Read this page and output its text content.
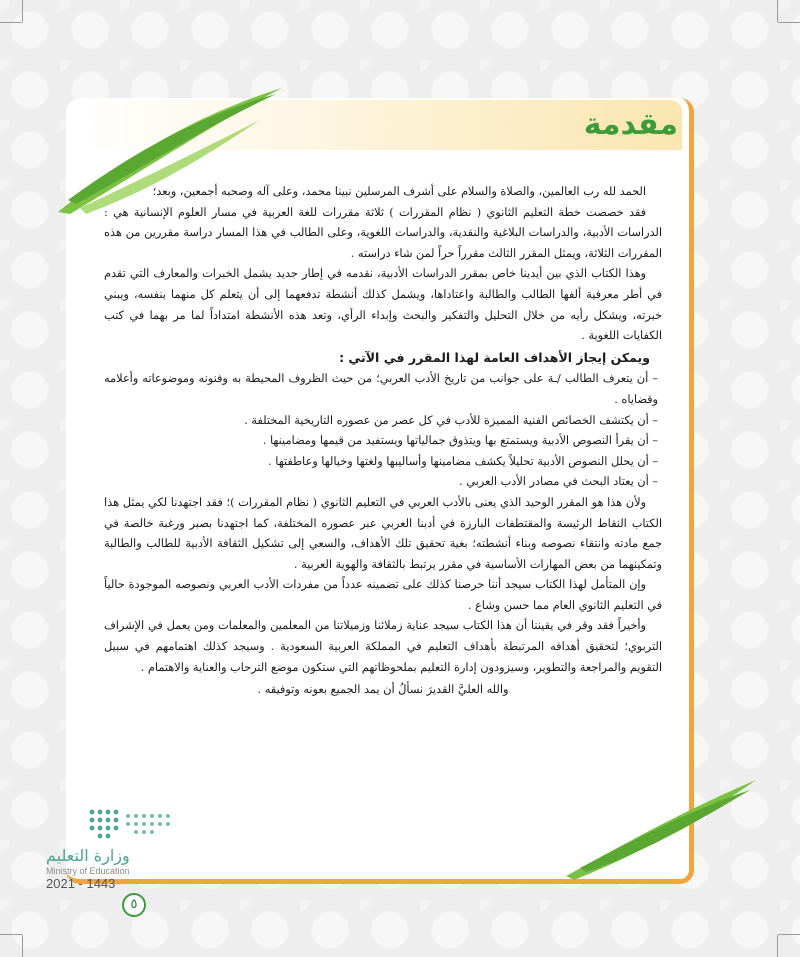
مقدمة

الحمد لله رب العالمين، والصلاة والسلام على أشرف المرسلين نبينا محمد، وعلى آله وصحبه أجمعين، وبعد؛

فقد خصصت خطة التعليم الثانوي ( نظام المقررات ) ثلاثة مقررات للغة العربية في مسار العلوم الإنسانية هي : الدراسات الأدبية، والدراسات البلاغية والنقدية، والدراسات اللغوية، وعلى الطالب في هذا المسار دراسة مقررين من هذه المقررات الثلاثة، ويمثل المقرر الثالث مقرراً حراً لمن شاء دراسته .

وهذا الكتاب الذي بين أيدينا خاص بمقرر الدراسات الأدبية، نقدمه في إطار جديد يشمل الخبرات والمعارف التي تقدم في أطر معرفية ألفها الطالب والطالبة واعتاداها، ويشمل كذلك أنشطة تدفعهما إلى أن يتعلم كل منهما بنفسه، ويبني خبرته، ويشكل رأيه من خلال التحليل والتفكير والبحث وإبداء الرأي، وتعد هذه الأنشطة امتداداً لما مر بهما في كتب الكفايات اللغوية .

ويمكن إيجاز الأهداف العامة لهذا المقرر في الآتي :

– أن يتعرف الطالب /ـة على جوانب من تاريخ الأدب العربي؛ من حيث الظروف المحيطة به وفنونه وموضوعاته وأعلامه وقضاياه .
– أن يكتشف الخصائص الفنية المميزة للأدب في كل عصر من عصوره التاريخية المختلفة .
– أن يقرأ النصوص الأدبية ويستمتع بها ويتذوق جمالياتها ويستفيد من قيمها ومضامينها .
– أن يحلل النصوص الأدبية تحليلاً يكشف مضامينها وأساليبها ولغتها وخيالها وعاطفتها .
– أن يعتاد البحث في مصادر الأدب العربي .

ولأن هذا هو المقرر الوحيد الذي يعنى بالأدب العربي في التعليم الثانوي ( نظام المقررات )؛ فقد اجتهدنا لكي يمثل هذا الكتاب النقاط الرئيسة والمقتطفات البارزة في أدبنا العربي عبر عصوره المختلفة، كما اجتهدنا بصبر ورغبة خالصة في جمع مادته وانتقاء نصوصه وبناء أنشطته؛ بغية تحقيق تلك الأهداف، والسعي إلى تشكيل الثقافة الأدبية للطالب والطالبة وتمكينهما من بعض المهارات الأساسية في مقرر يرتبط بالثقافة والهوية العربية .

وإن المتأمل لهذا الكتاب سيجد أننا حرصنا كذلك على تضمينه عدداً من مفردات الأدب العربي ونصوصه الموجودة حالياً في التعليم الثانوي العام مما حسن وشاع .

وأخيراً فقد وقر في يقيننا أن هذا الكتاب سيجد عناية زملائنا وزميلاتنا من المعلمين والمعلمات ومن يعمل في الإشراف التربوي؛ لتحقيق أهدافه المرتبطة بأهداف التعليم في المملكة العربية السعودية . وسيجد كذلك اهتمامهم في سبيل التقويم والمراجعة والتطوير، وسيزودون إدارة التعليم بملحوظاتهم التي ستكون موضع الترحاب والعناية والاهتمام .

والله العليَّ القديرَ نسألُ أن يمد الجميع بعونه وتوفيقه .

وزارة التعليم
Ministry of Education
2021 - 1443
٥
